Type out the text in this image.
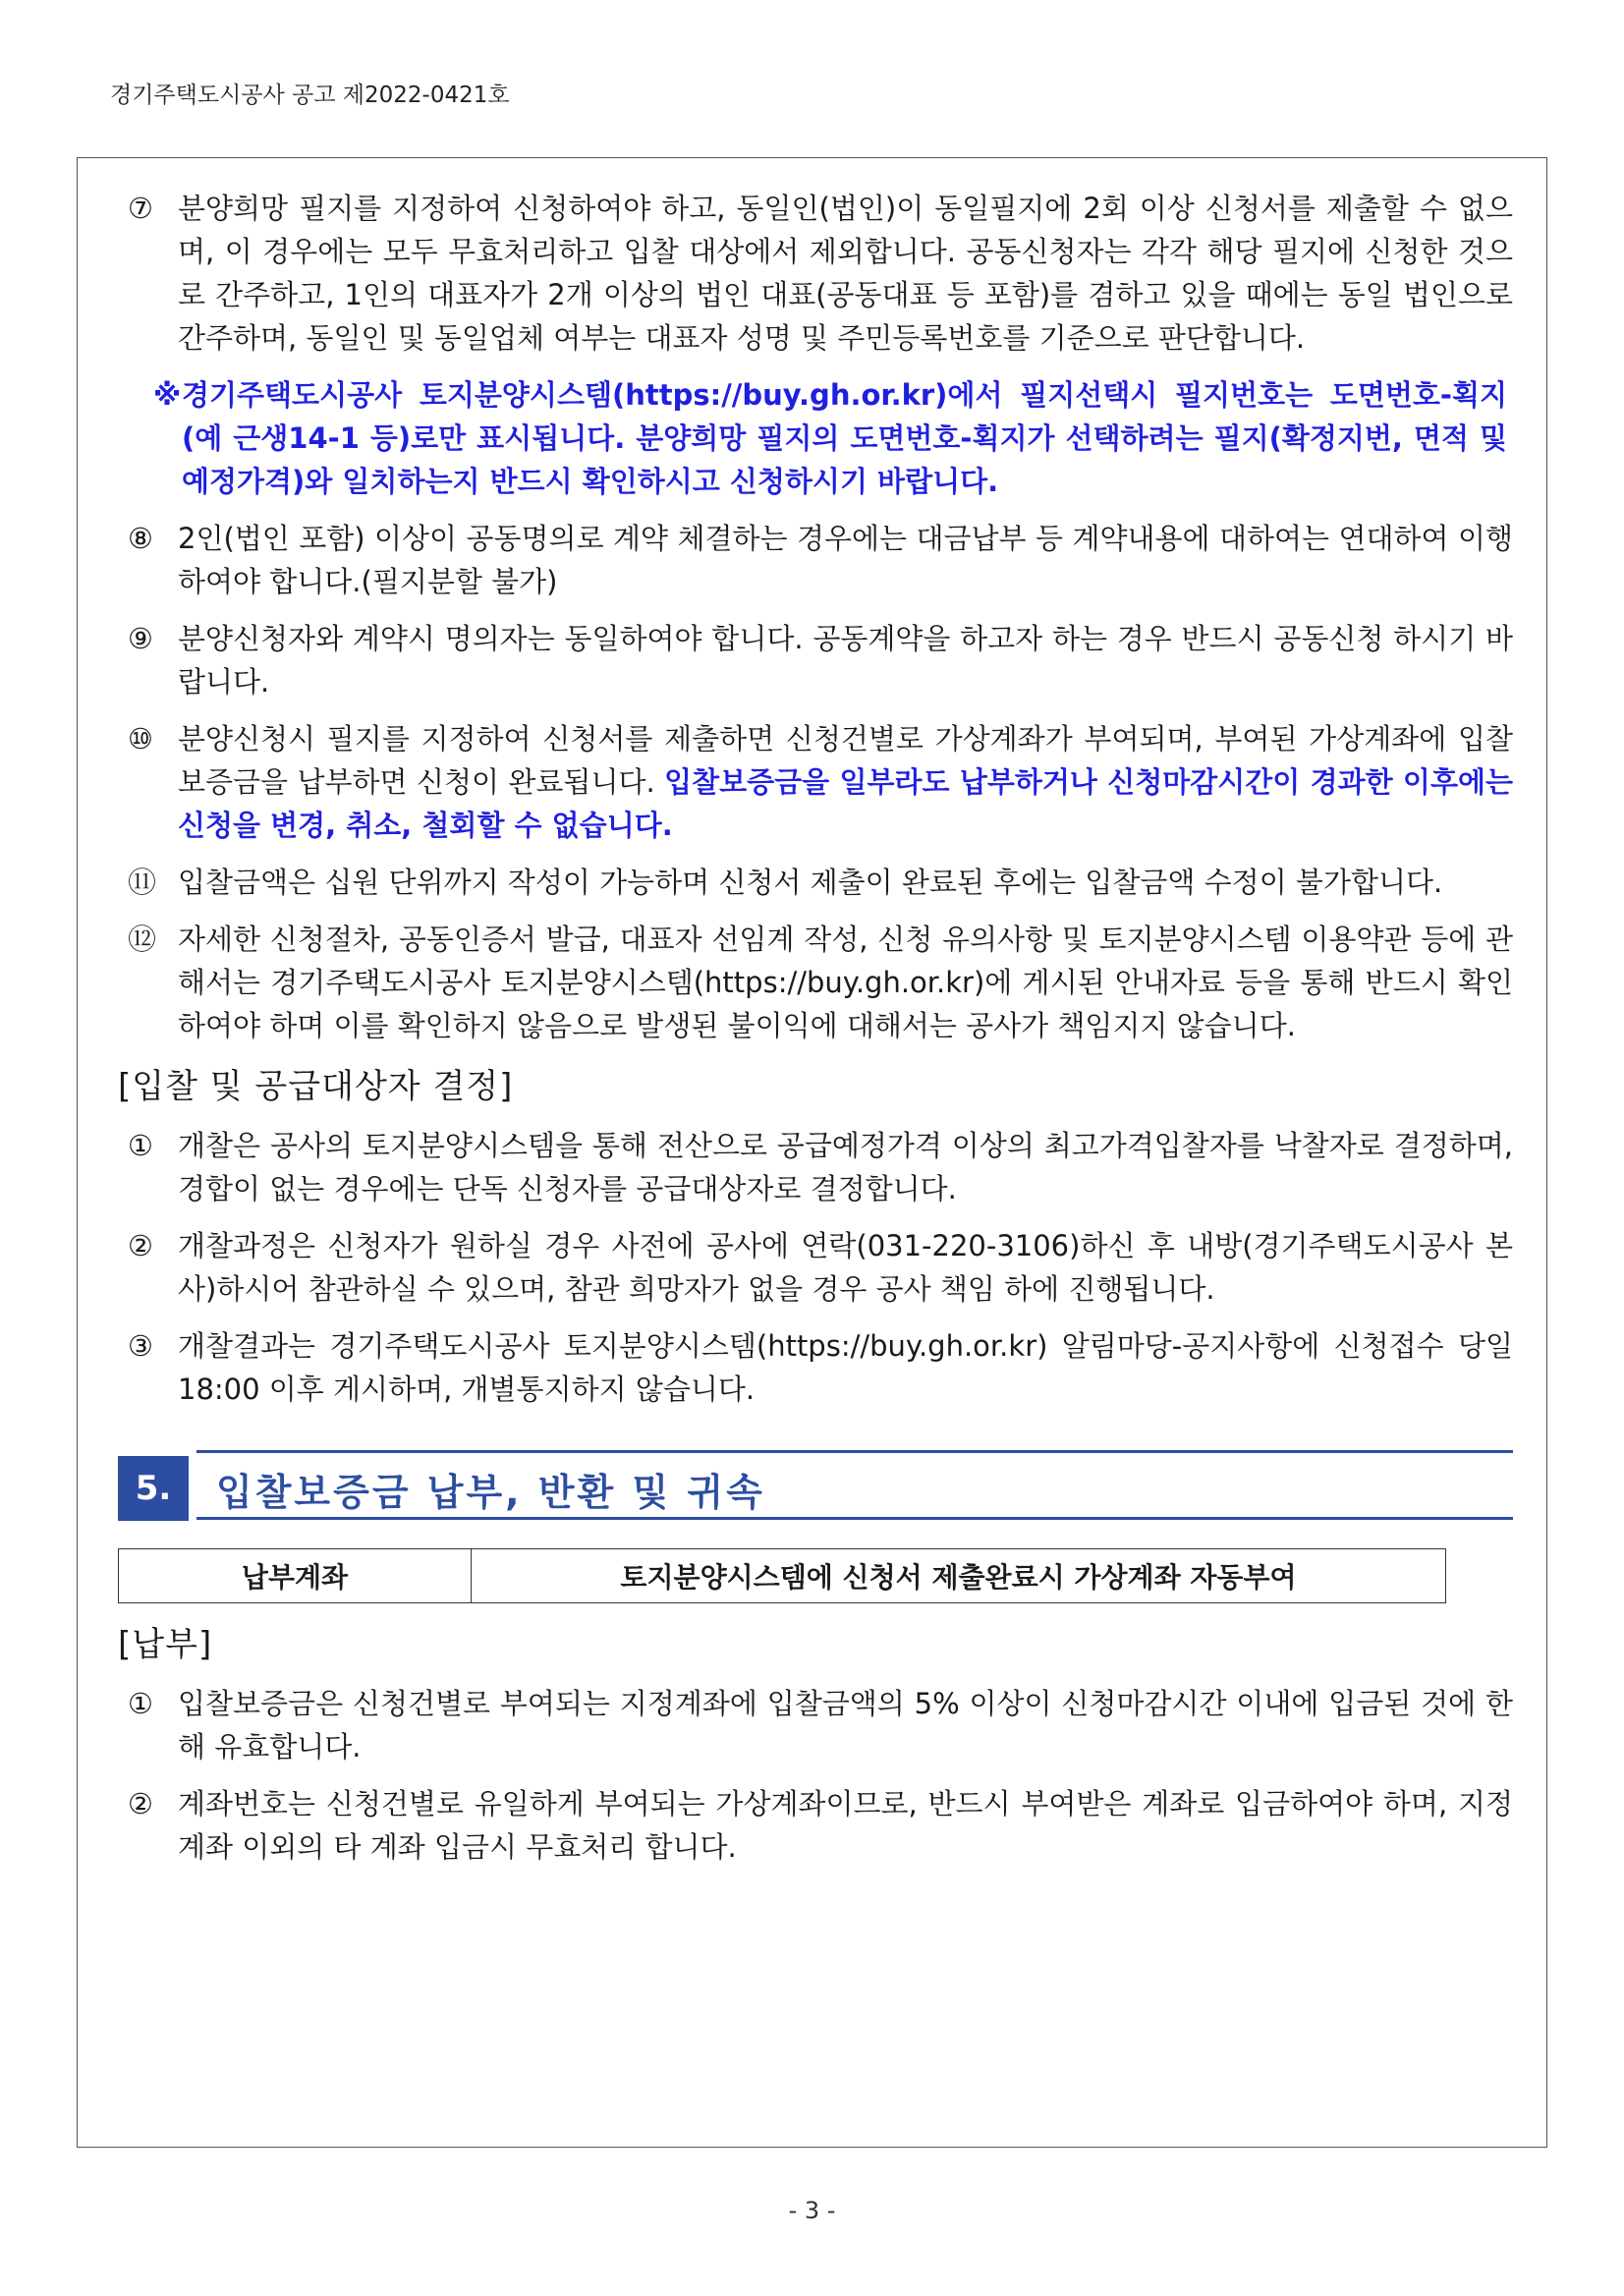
경기주택도시공사 공고 제2022-0421호
⑦ 분양희망 필지를 지정하여 신청하여야 하고, 동일인(법인)이 동일필지에 2회 이상 신청서를 제출할 수 없으며, 이 경우에는 모두 무효처리하고 입찰 대상에서 제외합니다. 공동신청자는 각각 해당 필지에 신청한 것으로 간주하고, 1인의 대표자가 2개 이상의 법인 대표(공동대표 등 포함)를 겸하고 있을 때에는 동일 법인으로 간주하며, 동일인 및 동일업체 여부는 대표자 성명 및 주민등록번호를 기준으로 판단합니다.
※ 경기주택도시공사 토지분양시스템(https://buy.gh.or.kr)에서 필지선택시 필지번호는 도면번호-획지(예 근생14-1 등)로만 표시됩니다. 분양희망 필지의 도면번호-획지가 선택하려는 필지(확정지번, 면적 및 예정가격)와 일치하는지 반드시 확인하시고 신청하시기 바랍니다.
⑧ 2인(법인 포함) 이상이 공동명의로 계약 체결하는 경우에는 대금납부 등 계약내용에 대하여는 연대하여 이행하여야 합니다.(필지분할 불가)
⑨ 분양신청자와 계약시 명의자는 동일하여야 합니다. 공동계약을 하고자 하는 경우 반드시 공동신청 하시기 바랍니다.
⑩ 분양신청시 필지를 지정하여 신청서를 제출하면 신청건별로 가상계좌가 부여되며, 부여된 가상계좌에 입찰보증금을 납부하면 신청이 완료됩니다. 입찰보증금을 일부라도 납부하거나 신청마감시간이 경과한 이후에는 신청을 변경, 취소, 철회할 수 없습니다.
⑪ 입찰금액은 십원 단위까지 작성이 가능하며 신청서 제출이 완료된 후에는 입찰금액 수정이 불가합니다.
⑫ 자세한 신청절차, 공동인증서 발급, 대표자 선임계 작성, 신청 유의사항 및 토지분양시스템 이용약관 등에 관해서는 경기주택도시공사 토지분양시스템(https://buy.gh.or.kr)에 게시된 안내자료 등을 통해 반드시 확인하여야 하며 이를 확인하지 않음으로 발생된 불이익에 대해서는 공사가 책임지지 않습니다.
[입찰 및 공급대상자 결정]
① 개찰은 공사의 토지분양시스템을 통해 전산으로 공급예정가격 이상의 최고가격입찰자를 낙찰자로 결정하며, 경합이 없는 경우에는 단독 신청자를 공급대상자로 결정합니다.
② 개찰과정은 신청자가 원하실 경우 사전에 공사에 연락(031-220-3106)하신 후 내방(경기주택도시공사 본사)하시어 참관하실 수 있으며, 참관 희망자가 없을 경우 공사 책임 하에 진행됩니다.
③ 개찰결과는 경기주택도시공사 토지분양시스템(https://buy.gh.or.kr) 알림마당-공지사항에 신청접수 당일 18:00 이후 게시하며, 개별통지하지 않습니다.
5.	입찰보증금 납부, 반환 및 귀속
납부계좌	토지분양시스템에 신청서 제출완료시 가상계좌 자동부여
[납부]
① 입찰보증금은 신청건별로 부여되는 지정계좌에 입찰금액의 5% 이상이 신청마감시간 이내에 입금된 것에 한해 유효합니다.
② 계좌번호는 신청건별로 유일하게 부여되는 가상계좌이므로, 반드시 부여받은 계좌로 입금하여야 하며, 지정계좌 이외의 타 계좌 입금시 무효처리 합니다.
- 3 -
